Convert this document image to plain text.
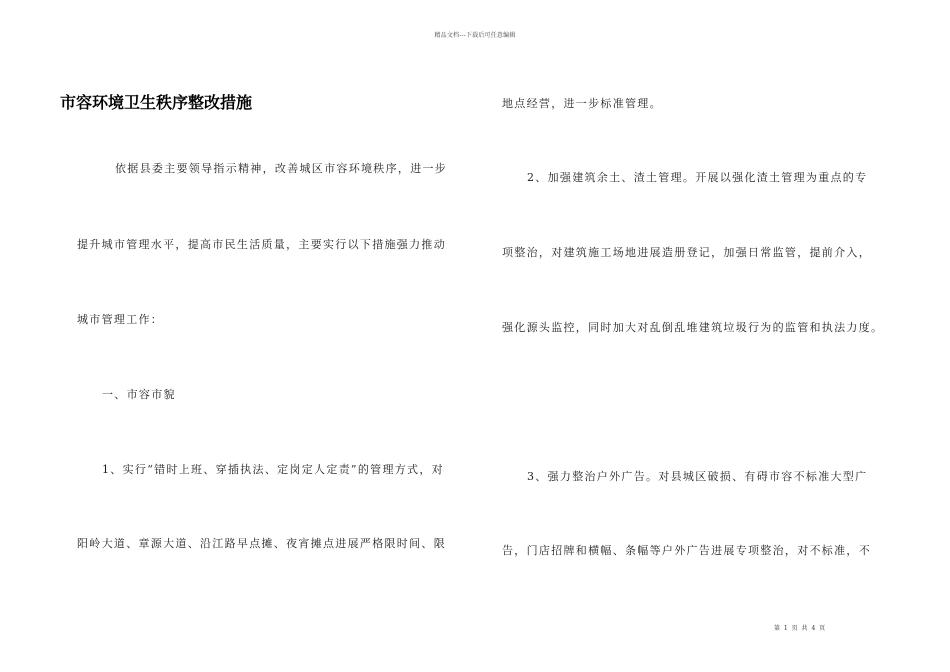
精品文档---下载后可任意编辑
市容环境卫生秩序整改措施
依据县委主要领导指示精神，改善城区市容环境秩序，进一步
提升城市管理水平，提高市民生活质量，主要实行以下措施强力推动
城市管理工作：
一、市容市貌
1、实行“错时上班、穿插执法、定岗定人定责”的管理方式，对
阳岭大道、章源大道、沿江路早点摊、夜宵摊点进展严格限时间、限
地点经营，进一步标准管理。
2、加强建筑余土、渣土管理。开展以强化渣土管理为重点的专
项整治，对建筑施工场地进展造册登记，加强日常监管，提前介入，
强化源头监控，同时加大对乱倒乱堆建筑垃圾行为的监管和执法力度。
3、强力整治户外广告。对县城区破损、有碍市容不标准大型广
告，门店招牌和横幅、条幅等户外广告进展专项整治，对不标准，不
第 1 页 共 4 页
